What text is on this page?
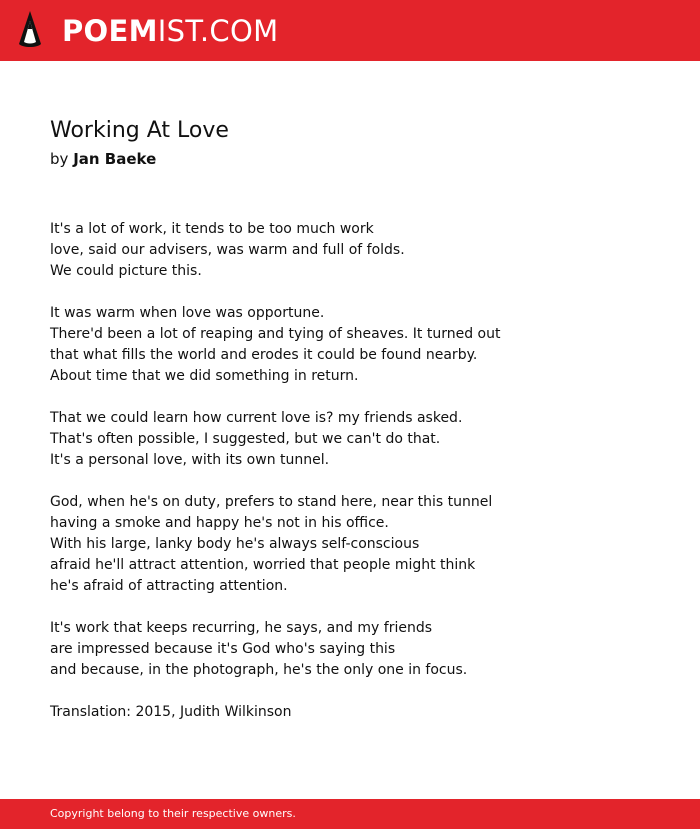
POEMIST.COM
Working At Love
by Jan Baeke
It's a lot of work, it tends to be too much work
love, said our advisers, was warm and full of folds.
We could picture this.
It was warm when love was opportune.
There'd been a lot of reaping and tying of sheaves. It turned out
that what fills the world and erodes it could be found nearby.
About time that we did something in return.
That we could learn how current love is? my friends asked.
That's often possible, I suggested, but we can't do that.
It's a personal love, with its own tunnel.
God, when he's on duty, prefers to stand here, near this tunnel
having a smoke and happy he's not in his office.
With his large, lanky body he's always self-conscious
afraid he'll attract attention, worried that people might think
he's afraid of attracting attention.
It's work that keeps recurring, he says, and my friends
are impressed because it's God who's saying this
and because, in the photograph, he's the only one in focus.
Translation: 2015, Judith Wilkinson
Copyright belong to their respective owners.
